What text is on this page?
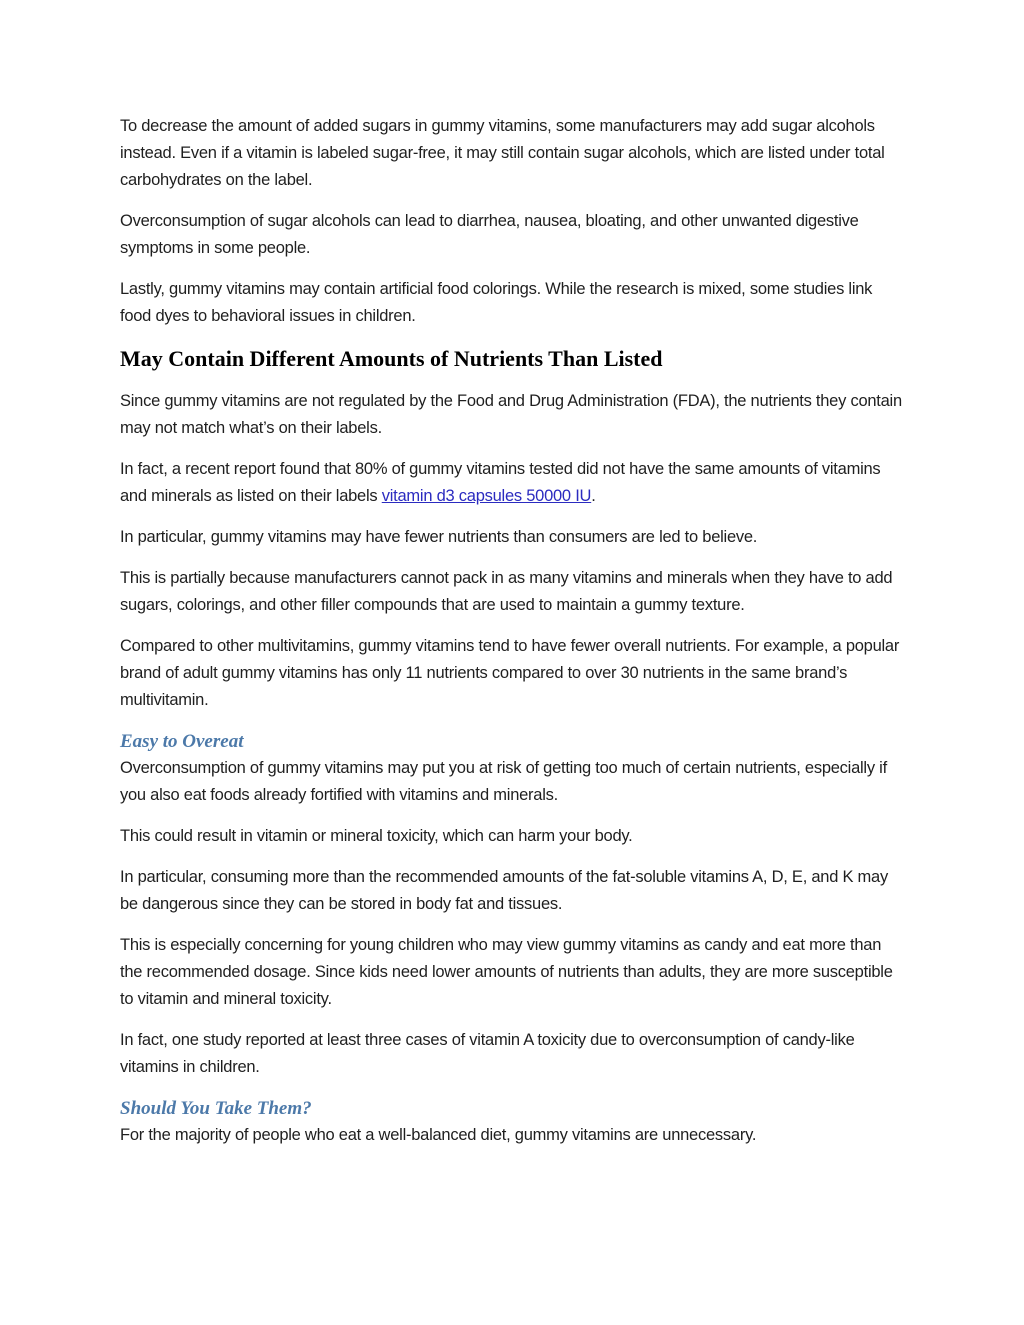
To decrease the amount of added sugars in gummy vitamins, some manufacturers may add sugar alcohols instead. Even if a vitamin is labeled sugar-free, it may still contain sugar alcohols, which are listed under total carbohydrates on the label.

Overconsumption of sugar alcohols can lead to diarrhea, nausea, bloating, and other unwanted digestive symptoms in some people.

Lastly, gummy vitamins may contain artificial food colorings. While the research is mixed, some studies link food dyes to behavioral issues in children.

May Contain Different Amounts of Nutrients Than Listed

Since gummy vitamins are not regulated by the Food and Drug Administration (FDA), the nutrients they contain may not match what’s on their labels.

In fact, a recent report found that 80% of gummy vitamins tested did not have the same amounts of vitamins and minerals as listed on their labels vitamin d3 capsules 50000 IU.

In particular, gummy vitamins may have fewer nutrients than consumers are led to believe.

This is partially because manufacturers cannot pack in as many vitamins and minerals when they have to add sugars, colorings, and other filler compounds that are used to maintain a gummy texture.

Compared to other multivitamins, gummy vitamins tend to have fewer overall nutrients. For example, a popular brand of adult gummy vitamins has only 11 nutrients compared to over 30 nutrients in the same brand’s multivitamin.

Easy to Overeat

Overconsumption of gummy vitamins may put you at risk of getting too much of certain nutrients, especially if you also eat foods already fortified with vitamins and minerals.

This could result in vitamin or mineral toxicity, which can harm your body.

In particular, consuming more than the recommended amounts of the fat-soluble vitamins A, D, E, and K may be dangerous since they can be stored in body fat and tissues.

This is especially concerning for young children who may view gummy vitamins as candy and eat more than the recommended dosage. Since kids need lower amounts of nutrients than adults, they are more susceptible to vitamin and mineral toxicity.

In fact, one study reported at least three cases of vitamin A toxicity due to overconsumption of candy-like vitamins in children.

Should You Take Them?

For the majority of people who eat a well-balanced diet, gummy vitamins are unnecessary.
